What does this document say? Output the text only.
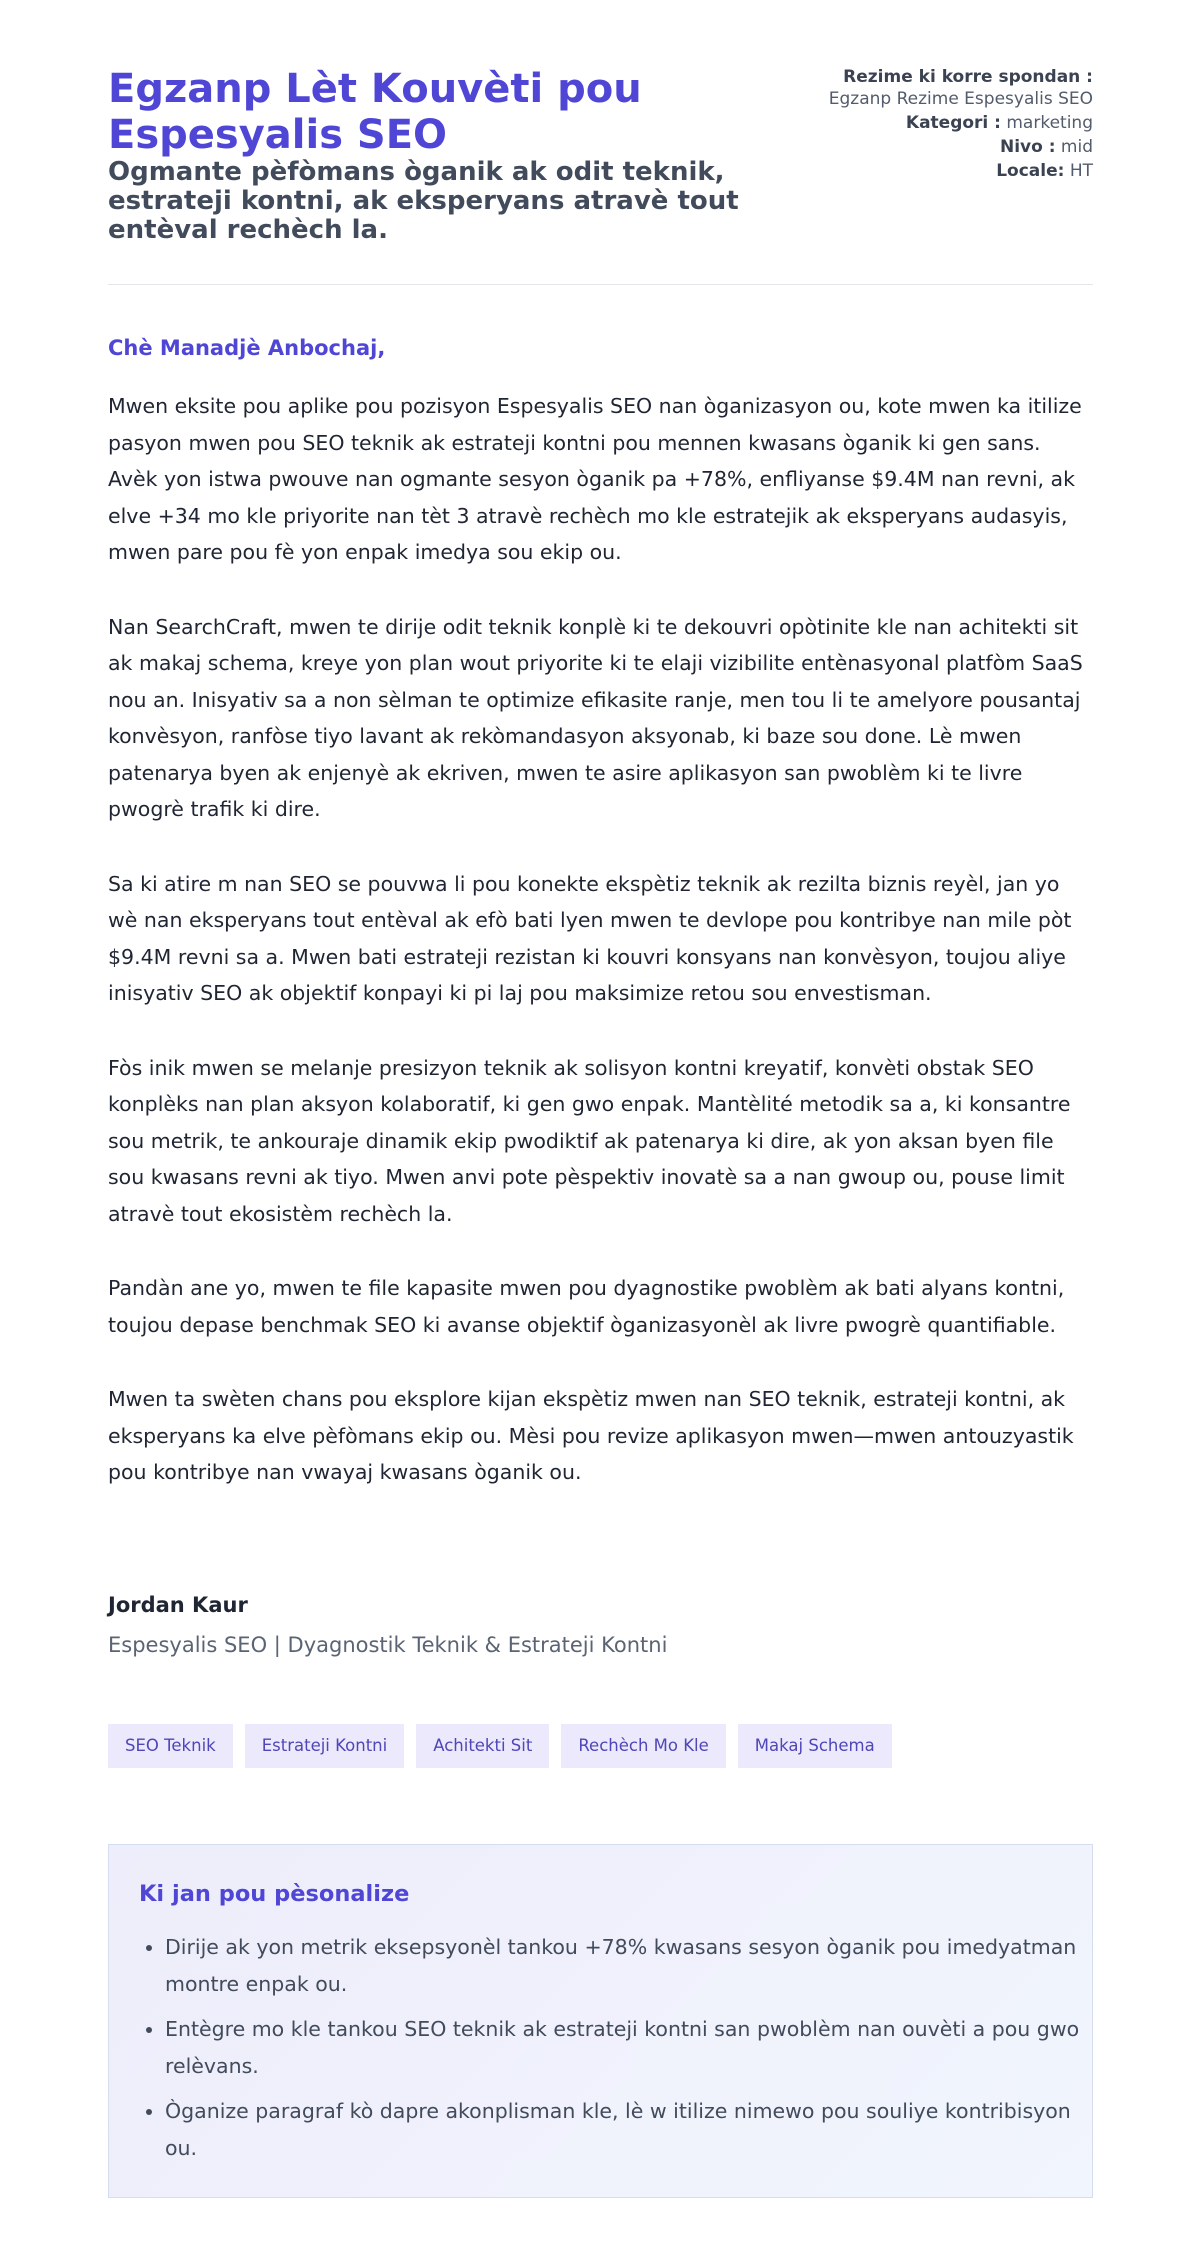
Egzanp Lèt Kouvèti pou Espesyalis SEO
Ogmante pèfòmans òganik ak odit teknik, estrateji kontni, ak eksperyans atravè tout entèval rechèch la.
Rezime ki korre spondan : Egzanp Rezime Espesyalis SEO
Kategori : marketing
Nivo : mid
Locale: HT

Chè Manadjè Anbochaj,

Mwen eksite pou aplike pou pozisyon Espesyalis SEO nan òganizasyon ou, kote mwen ka itilize pasyon mwen pou SEO teknik ak estrateji kontni pou mennen kwasans òganik ki gen sans. Avèk yon istwa pwouve nan ogmante sesyon òganik pa +78%, enfliyanse $9.4M nan revni, ak elve +34 mo kle priyorite nan tèt 3 atravè rechèch mo kle estratejik ak eksperyans audasyis, mwen pare pou fè yon enpak imedya sou ekip ou.

Nan SearchCraft, mwen te dirije odit teknik konplè ki te dekouvri opòtinite kle nan achitekti sit ak makaj schema, kreye yon plan wout priyorite ki te elaji vizibilite entènasyonal platfòm SaaS nou an. Inisyativ sa a non sèlman te optimize efikasite ranje, men tou li te amelyore pousantaj konvèsyon, ranfòse tiyo lavant ak rekòmandasyon aksyonab, ki baze sou done. Lè mwen patenarya byen ak enjenyè ak ekriven, mwen te asire aplikasyon san pwoblèm ki te livre pwogrè trafik ki dire.

Sa ki atire m nan SEO se pouvwa li pou konekte ekspètiz teknik ak rezilta biznis reyèl, jan yo wè nan eksperyans tout entèval ak efò bati lyen mwen te devlope pou kontribye nan mile pòt $9.4M revni sa a. Mwen bati estrateji rezistan ki kouvri konsyans nan konvèsyon, toujou aliye inisyativ SEO ak objektif konpayi ki pi laj pou maksimize retou sou envestisman.

Fòs inik mwen se melanje presizyon teknik ak solisyon kontni kreyatif, konvèti obstak SEO konplèks nan plan aksyon kolaboratif, ki gen gwo enpak. Mantèlité metodik sa a, ki konsantre sou metrik, te ankouraje dinamik ekip pwodiktif ak patenarya ki dire, ak yon aksan byen file sou kwasans revni ak tiyo. Mwen anvi pote pèspektiv inovatè sa a nan gwoup ou, pouse limit atravè tout ekosistèm rechèch la.

Pandàn ane yo, mwen te file kapasite mwen pou dyagnostike pwoblèm ak bati alyans kontni, toujou depase benchmak SEO ki avanse objektif òganizasyonèl ak livre pwogrè quantifiable.

Mwen ta swèten chans pou eksplore kijan ekspètiz mwen nan SEO teknik, estrateji kontni, ak eksperyans ka elve pèfòmans ekip ou. Mèsi pou revize aplikasyon mwen—mwen antouzyastik pou kontribye nan vwayaj kwasans òganik ou.

Jordan Kaur
Espesyalis SEO | Dyagnostik Teknik & Estrateji Kontni
SEO Teknik	Estrateji Kontni	Achitekti Sit	Rechèch Mo Kle	Makaj Schema
Ki jan pou pèsonalize
• Dirije ak yon metrik eksepsyonèl tankou +78% kwasans sesyon òganik pou imedyatman montre enpak ou.
• Entègre mo kle tankou SEO teknik ak estrateji kontni san pwoblèm nan ouvèti a pou gwo relèvans.
• Òganize paragraf kò dapre akonplisman kle, lè w itilize nimewo pou souliye kontribisyon ou.
